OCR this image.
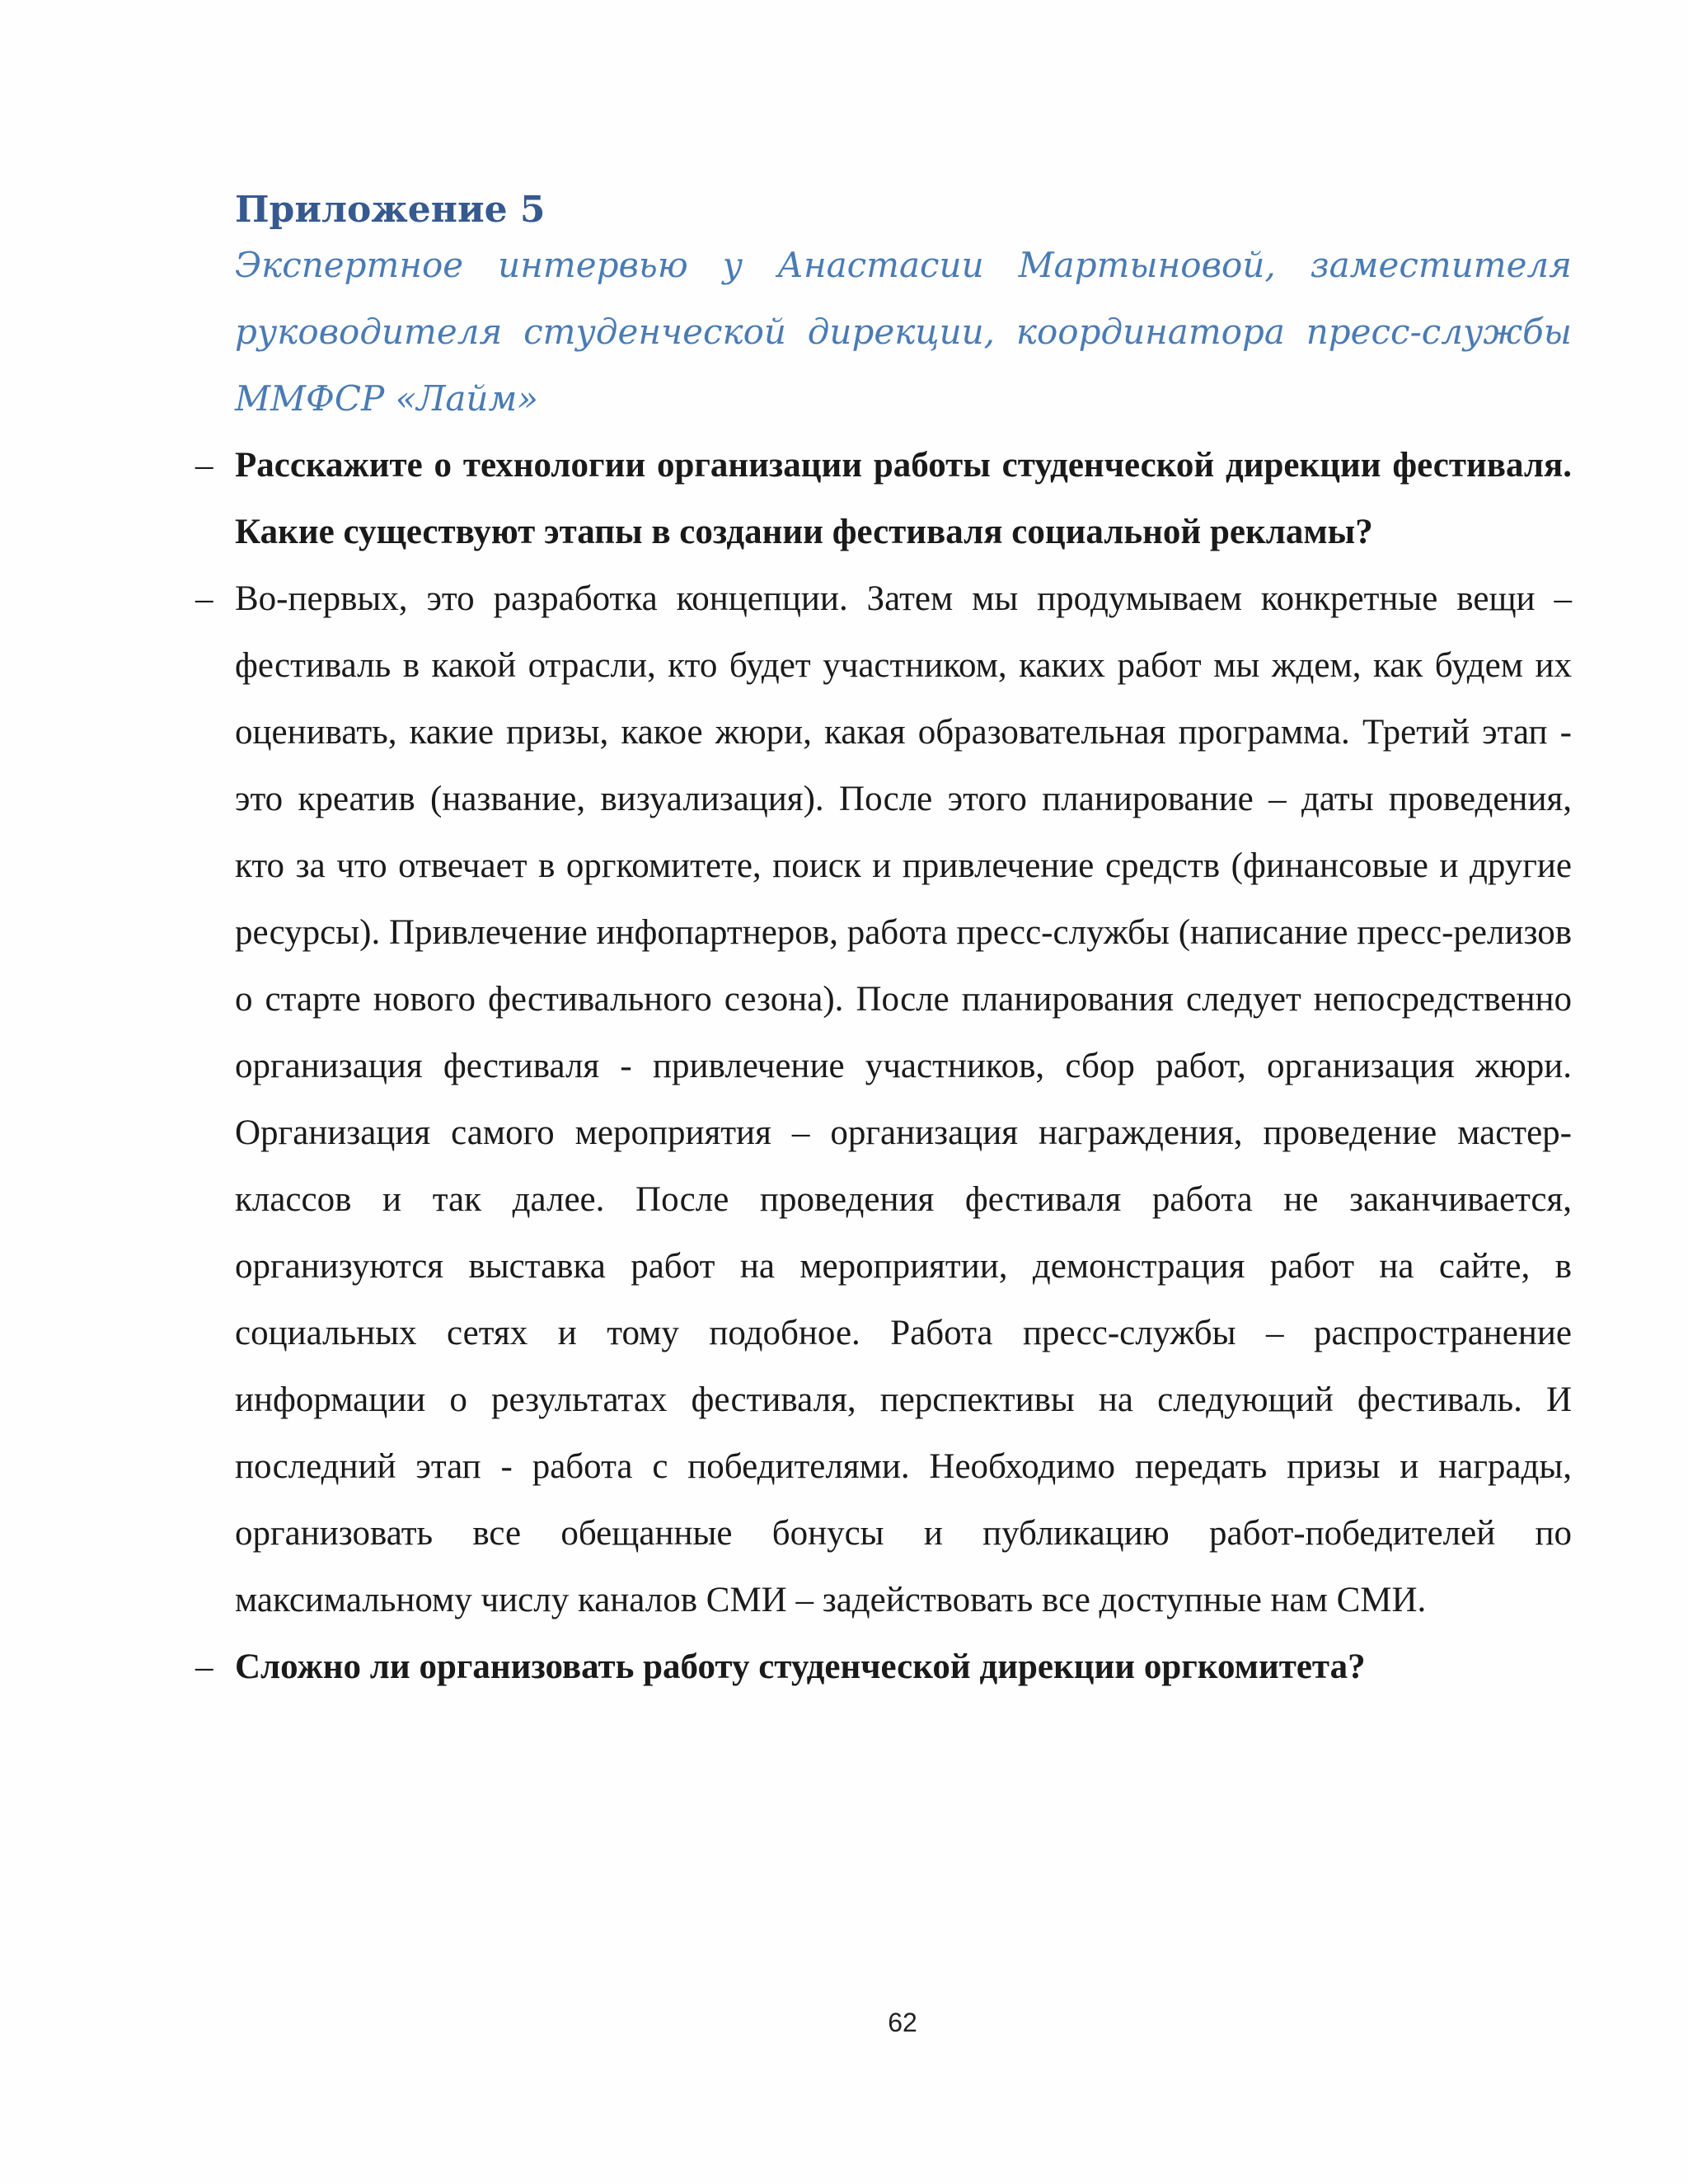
Приложение 5

Экспертное интервью у Анастасии Мартыновой, заместителя руководителя студенческой дирекции, координатора пресс-службы ММФСР «Лайм»

– Расскажите о технологии организации работы студенческой дирекции фестиваля. Какие существуют этапы в создании фестиваля социальной рекламы?

– Во-первых, это разработка концепции. Затем мы продумываем конкретные вещи – фестиваль в какой отрасли, кто будет участником, каких работ мы ждем, как будем их оценивать, какие призы, какое жюри, какая образовательная программа. Третий этап - это креатив (название, визуализация). После этого планирование – даты проведения, кто за что отвечает в оргкомитете, поиск и привлечение средств (финансовые и другие ресурсы). Привлечение инфопартнеров, работа пресс-службы (написание пресс-релизов о старте нового фестивального сезона). После планирования следует непосредственно организация фестиваля - привлечение участников, сбор работ, организация жюри. Организация самого мероприятия – организация награждения, проведение мастер-классов и так далее. После проведения фестиваля работа не заканчивается, организуются выставка работ на мероприятии, демонстрация работ на сайте, в социальных сетях и тому подобное. Работа пресс-службы – распространение информации о результатах фестиваля, перспективы на следующий фестиваль. И последний этап - работа с победителями. Необходимо передать призы и награды, организовать все обещанные бонусы и публикацию работ-победителей по максимальному числу каналов СМИ – задействовать все доступные нам СМИ.

– Сложно ли организовать работу студенческой дирекции оргкомитета?

62
